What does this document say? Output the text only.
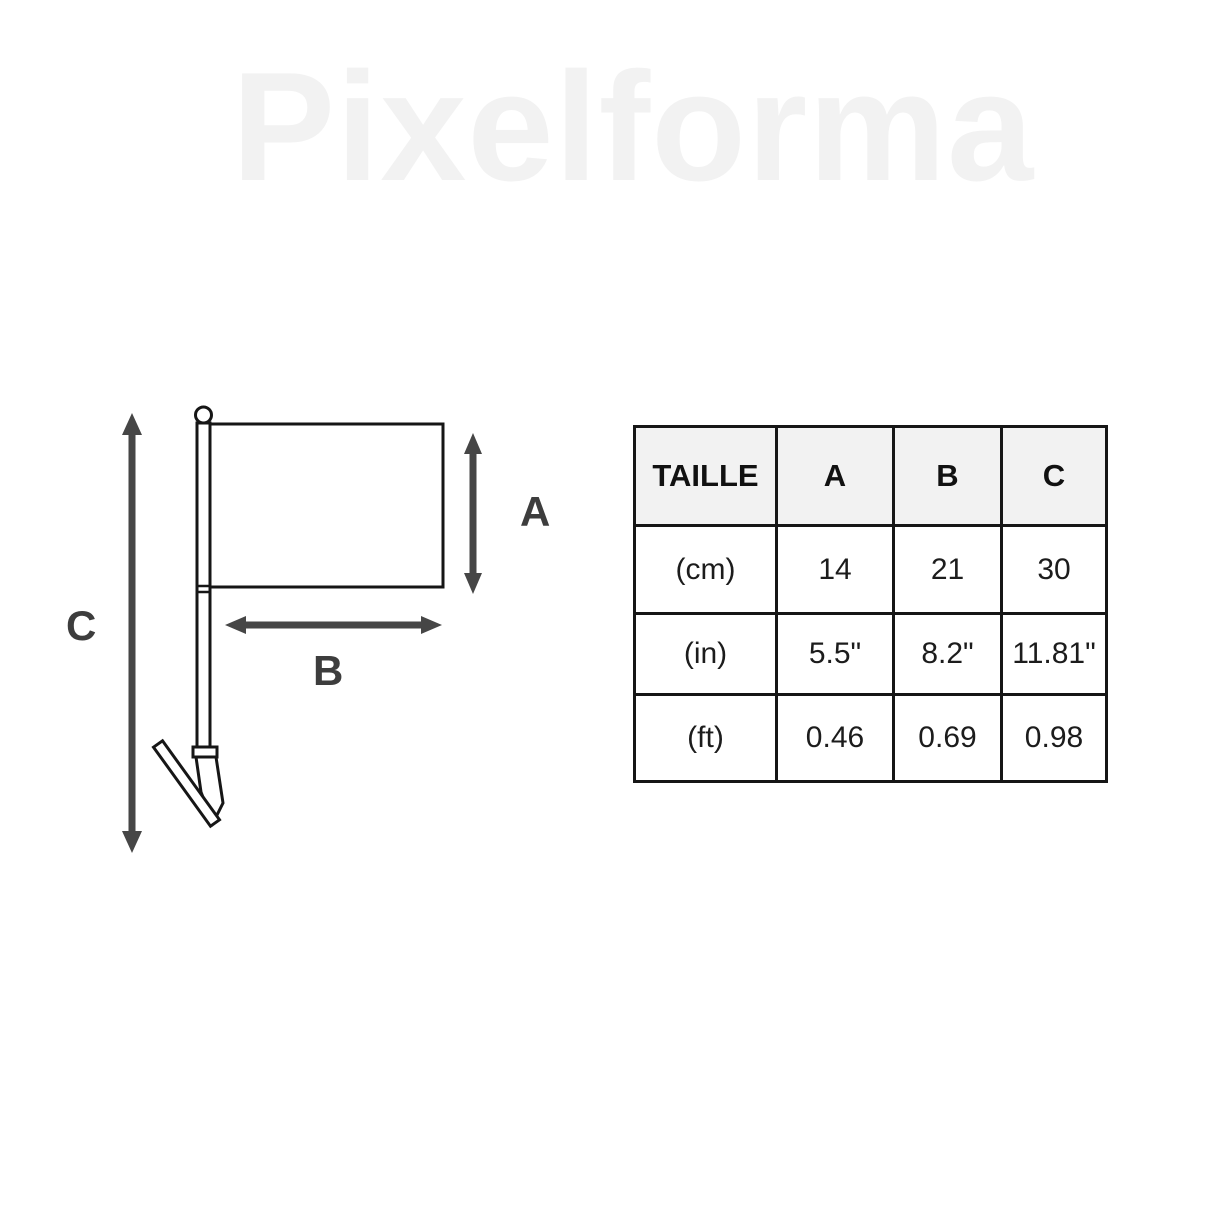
Pixelforma
A
B
C
TAILLE	A	B	C
(cm)	14	21	30
(in)	5.5"	8.2"	11.81"
(ft)	0.46	0.69	0.98
